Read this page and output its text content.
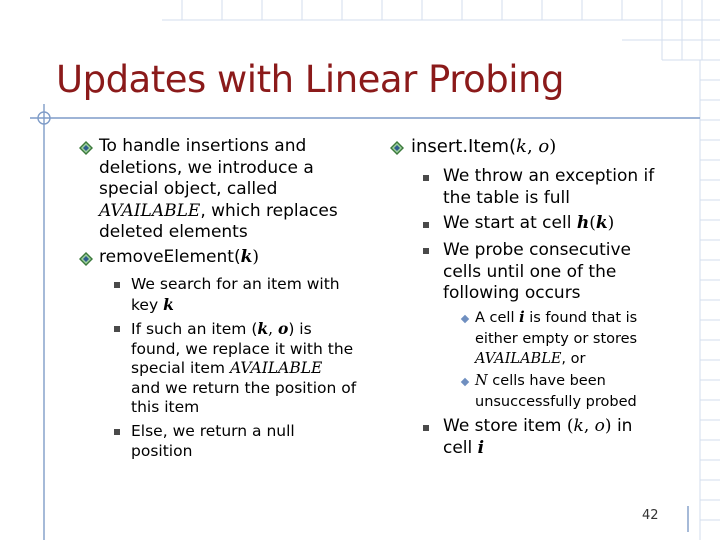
Updates with Linear Probing
To handle insertions and
deletions, we introduce a
special object, called
AVAILABLE, which replaces
deleted elements
removeElement(k)
We search for an item with
key k
If such an item (k, o) is
found, we replace it with the
special item AVAILABLE
and we return the position of
this item
Else, we return a null
position
insert.Item(k, o)
We throw an exception if
the table is full
We start at cell h(k)
We probe consecutive
cells until one of the
following occurs
A cell i is found that is
either empty or stores
AVAILABLE, or
N cells have been
unsuccessfully probed
We store item (k, o) in
cell i
42
